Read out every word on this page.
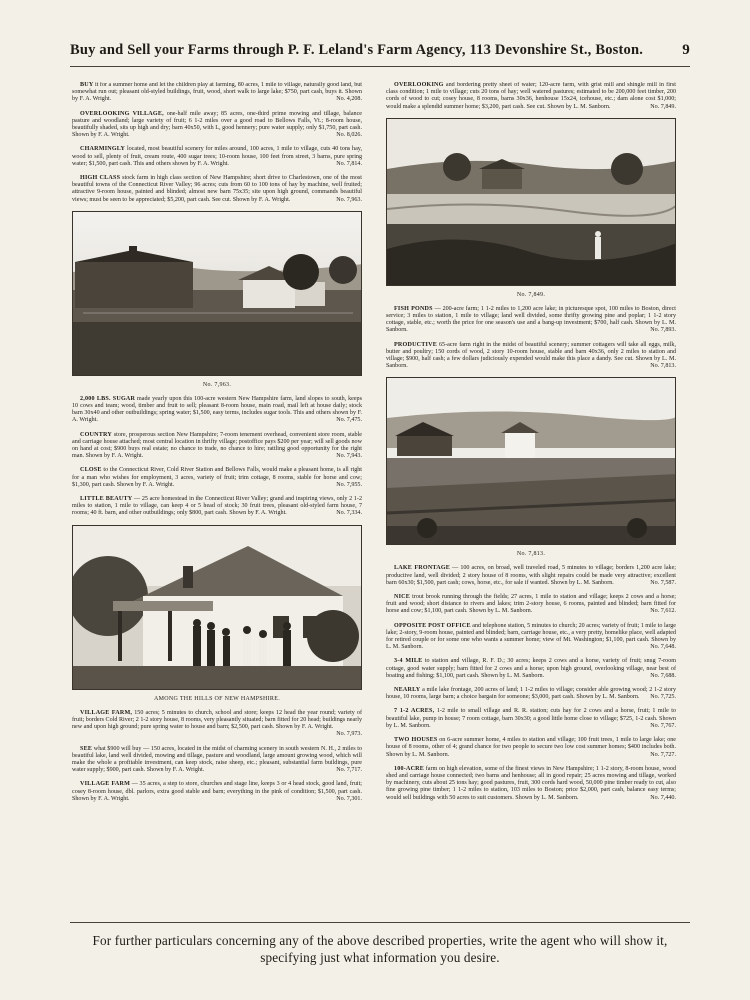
Buy and Sell your Farms through P. F. Leland's Farm Agency, 113 Devonshire St., Boston.	9

BUY it for a summer home and let the children play at farming, 80 acres, 1 mile to village, naturally good land, but somewhat run out; pleasant old-styled buildings, fruit, wood, short walk to large lake; $750, part cash, buys it. Shown by F. A. Wright.	No. 4,208.

OVERLOOKING VILLAGE, one-half mile away; 85 acres, one-third prime mowing and tillage, balance pasture and woodland; large variety of fruit; 6 1-2 miles over a good road to Bellows Falls, Vt.; 8-room house, beautifully shaded, sits up high and dry; barn 40x50, with L, good hennery; pure water supply; only $1,750, part cash. Shown by F. A. Wright.	No. 8,026.

CHARMINGLY located, most beautiful scenery for miles around, 100 acres, 1 mile to village, cuts 40 tons hay, wood to sell, plenty of fruit, cream route, 400 sugar trees; 10-room house, 100 feet from street, 3 barns, pure spring water; $1,500, part cash. This and others shown by F. A. Wright.	No. 7,814.

HIGH CLASS stock farm in high class section of New Hampshire; short drive to Charlestown, one of the most beautiful towns of the Connecticut River Valley; 96 acres; cuts from 60 to 100 tons of hay by machine, well fruited; attractive 9-room house, painted and blinded; almost new barn 75x35; site upon high ground, commands beautiful views; must be seen to be appreciated; $5,200, part cash. See cut. Shown by F. A. Wright.	No. 7,963.

No. 7,963.

2,000 LBS. SUGAR made yearly upon this 100-acre western New Hampshire farm, land slopes to south, keeps 10 cows and team; wood, timber and fruit to sell; pleasant 8-room house, main road, mail left at house daily; stock barn 30x40 and other outbuildings; spring water; $1,500, easy terms, includes sugar tools. This and others shown by F. A. Wright.	No. 7,475.

COUNTRY store, prosperous section New Hampshire; 7-room tenement overhead, convenient store room, stable and carriage house attached; most central location in thrifty village; postoffice pays $200 per year; will sell goods now on hand at cost; $900 buys real estate; no chance to trade, no chance to hire; rattling good opportunity for the right man. Shown by F. A. Wright.	No. 7,943.

CLOSE to the Connecticut River, Cold River Station and Bellows Falls, would make a pleasant home, is all right for a man who wishes for employment, 3 acres, variety of fruit; trim cottage, 8 rooms, stable for horse and cow; $1,300, part cash. Shown by F. A. Wright.	No. 7,955.

LITTLE BEAUTY — 25 acre homestead in the Connecticut River Valley; grand and inspiring views, only 2 1-2 miles to station, 1 mile to village, can keep 4 or 5 head of stock; 30 fruit trees, pleasant old-styled farm house, 7 rooms; 40 ft. barn, and other outbuildings; only $800, part cash. Shown by F. A. Wright.	No. 7,334.

AMONG THE HILLS OF NEW HAMPSHIRE.

VILLAGE FARM, 150 acres; 5 minutes to church, school and store; keeps 12 head the year round; variety of fruit; borders Cold River; 2 1-2 story house, 8 rooms, very pleasantly situated; barn fitted for 20 head; buildings nearly new and upon high ground; pure spring water to house and barn; $2,500, part cash. Shown by F. A. Wright.
No. 7,973.

SEE what $900 will buy — 150 acres, located in the midst of charming scenery in south western N. H., 2 miles to beautiful lake, land well divided, mowing and tillage, pasture and woodland, large amount growing wood, which will make the whole a profitable investment, can keep stock, raise sheep, etc.; pleasant, substantial farm buildings, pure water supply; $900, part cash. Shown by F. A. Wright.	No. 7,717.

VILLAGE FARM — 35 acres, a step to store, churches and stage line, keeps 3 or 4 head stock, good land, fruit; cosey 8-room house, dbl. parlors, extra good stable and barn; everything in the pink of condition; $1,500, part cash. Shown by F. A. Wright.	No. 7,301.

OVERLOOKING and bordering pretty sheet of water; 120-acre farm, with grist mill and shingle mill in first class condition; 1 mile to village; cuts 20 tons of hay; well watered pastures; estimated to be 200,000 feet timber, 200 cords of wood to cut; cosey house, 8 rooms, barns 30x36, henhouse 15x24, icehouse, etc.; dam alone cost $1,000; would make a splendid summer home; $3,200, part cash. See cut. Shown by L. M. Sanborn.	No. 7,849.

No. 7,849.

FISH PONDS — 200-acre farm; 1 1-2 miles to 1,200 acre lake; in picturesque spot, 100 miles to Boston, direct service; 3 miles to station, 1 mile to village; land well divided, some thrifty growing pine and poplar; 1 1-2 story cottage, stable, etc.; worth the price for one season's use and a bang-up investment; $700, half cash. Shown by L. M. Sanborn.	No. 7,893.

PRODUCTIVE 65-acre farm right in the midst of beautiful scenery; summer cottagers will take all eggs, milk, butter and poultry; 150 cords of wood, 2 story 10-room house, stable and barn 40x36, only 2 miles to station and village; $900, half cash; a few dollars judiciously expended would make this place a dandy. See cut. Shown by L. M. Sanborn.	No. 7,813.

No. 7,813.

LAKE FRONTAGE — 100 acres, on broad, well traveled road, 5 minutes to village; borders 1,200 acre lake; productive land, well divided; 2 story house of 8 rooms, with slight repairs could be made very attractive; excellent barn 60x30; $1,500, part cash; cows, horse, etc., for sale if wanted. Shown by L. M. Sanborn.	No. 7,587.

NICE trout brook running through the fields; 27 acres, 1 mile to station and village; keeps 2 cows and a horse; fruit and wood; short distance to rivers and lakes; trim 2-story house, 6 rooms, painted and blinded; barn fitted for horse and cow; $1,100, part cash. Shown by L. M. Sanborn.	No. 7,612.

OPPOSITE POST OFFICE and telephone station, 5 minutes to church; 20 acres; variety of fruit; 1 mile to large lake; 2-story, 9-room house, painted and blinded; barn, carriage house, etc., a very pretty, homelike place, well adapted for retired couple or for some one who wants a summer home; view of Mt. Washington; $1,100, part cash. Shown by L. M. Sanborn.	No. 7,648.

3-4 MILE to station and village, R. F. D.; 30 acres; keeps 2 cows and a horse, variety of fruit; snug 7-room cottage, good water supply; barn fitted for 2 cows and a horse; upon high ground, overlooking village, near best of boating and fishing; $1,100, part cash. Shown by L. M. Sanborn.	No. 7,688.

NEARLY a mile lake frontage, 200 acres of land; 1 1-2 miles to village; consider able growing wood; 2 1-2 story house, 10 rooms, large barn; a choice bargain for someone; $3,000, part cash. Shown by L. M. Sanborn.	No. 7,725.

7 1-2 ACRES, 1-2 mile to small village and R. R. station; cuts hay for 2 cows and a horse, fruit; 1 mile to beautiful lake, pump in house; 7 room cottage, barn 30x30; a good little home close to village; $725, 1-2 cash. Shown by L. M. Sanborn.	No. 7,767.

TWO HOUSES on 6-acre summer home, 4 miles to station and village; 100 fruit trees, 1 mile to large lake; one house of 8 rooms, other of 4; grand chance for two people to secure two low cost summer homes; $400 includes both. Shown by L. M. Sanborn.	No. 7,727.

100-ACRE farm on high elevation, some of the finest views in New Hampshire; 1 1-2 story, 8-room house, wood shed and carriage house connected; two barns and henhouse; all in good repair; 25 acres mowing and tillage, worked by machinery, cuts about 25 tons hay; good pastures, fruit, 300 cords hard wood, 50,000 pine timber ready to cut, also fine growing pine timber; 1 1-2 miles to station, 103 miles to Boston; price $2,000, part cash, balance easy terms; would sell buildings with 50 acres to suit customers. Shown by L. M. Sanborn.	No. 7,440.

For further particulars concerning any of the above described properties, write the agent who will show it, specifying just what information you desire.
